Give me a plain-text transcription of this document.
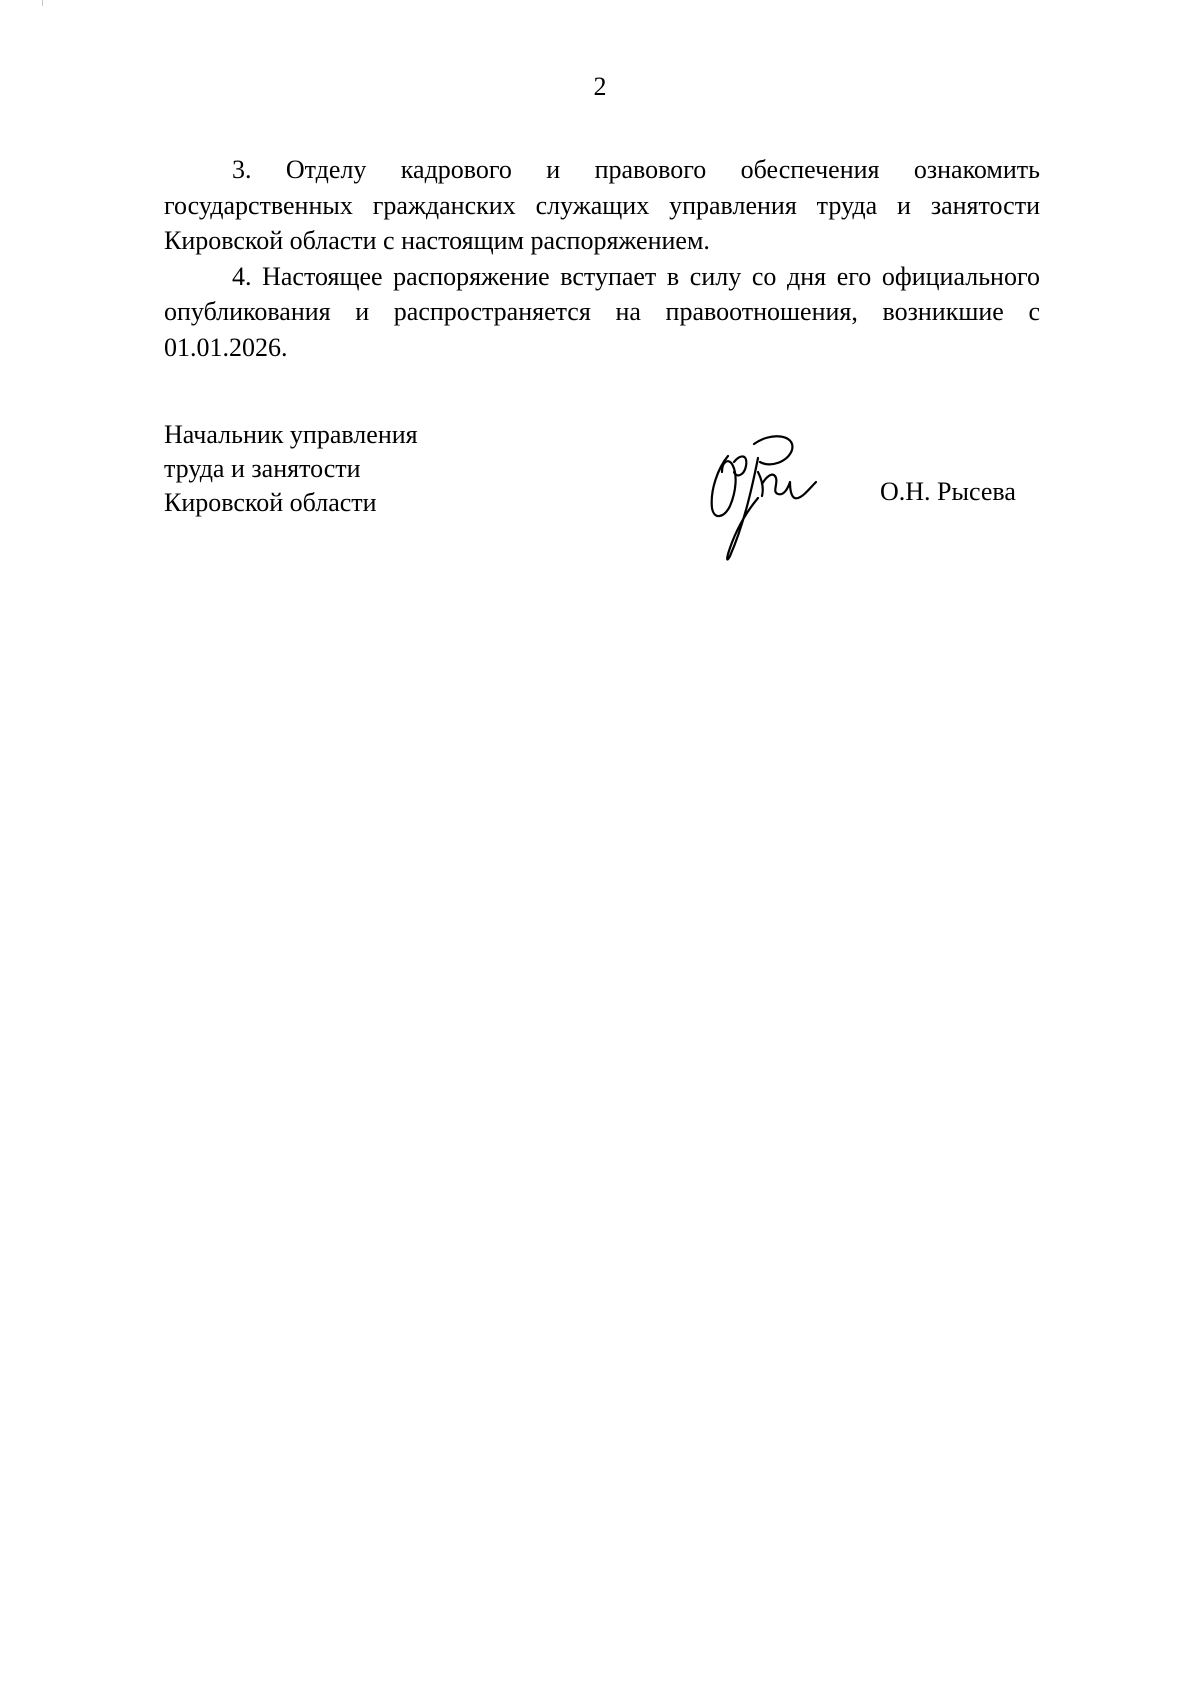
2

3. Отделу кадрового и правового обеспечения ознакомить государственных гражданских служащих управления труда и занятости Кировской области с настоящим распоряжением.

4. Настоящее распоряжение вступает в силу со дня его официального опубликования и распространяется на правоотношения, возникшие с 01.01.2026.

Начальник управления
труда и занятости
Кировской области	О.Н. Рысева
